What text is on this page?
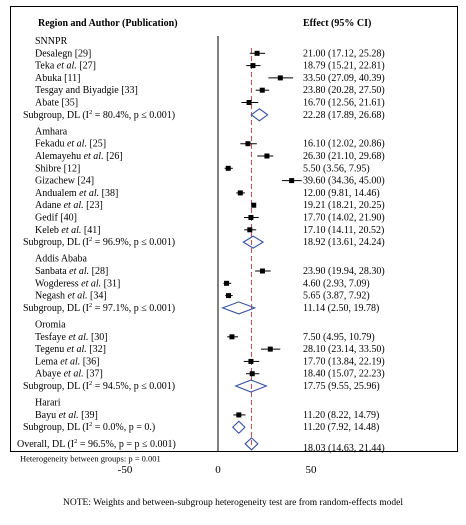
Region and Author (Publication)	Effect (95% CI)
SNNPR
Desalegn [29]	21.00 (17.12, 25.28)
Teka et al. [27]	18.79 (15.21, 22.81)
Abuka [11]	33.50 (27.09, 40.39)
Tesgay and Biyadgie [33]	23.80 (20.28, 27.50)
Abate [35]	16.70 (12.56, 21.61)
Subgroup, DL ($I^2 = 80.4\%$, p ≤ 0.001)	22.28 (17.89, 26.68)
Amhara
Fekadu et al. [25]	16.10 (12.02, 20.86)
Alemayehu et al. [26]	26.30 (21.10, 29.68)
Shibre [12]	5.50 (3.56, 7.95)
Gizachew [24]	39.60 (34.36, 45.00)
Andualem et al. [38]	12.00 (9.81, 14.46)
Adane et al. [23]	19.21 (18.21, 20.25)
Gedif [40]	17.70 (14.02, 21.90)
Keleb et al. [41]	17.10 (14.11, 20.52)
Subgroup, DL ($I^2 = 96.9\%$, p ≤ 0.001)	18.92 (13.61, 24.24)
Addis Ababa
Sanbata et al. [28]	23.90 (19.94, 28.30)
Wogderess et al. [31]	4.60 (2.93, 7.09)
Negash et al. [34]	5.65 (3.87, 7.92)
Subgroup, DL ($I^2 = 97.1\%$, p ≤ 0.001)	11.14 (2.50, 19.78)
Oromia
Tesfaye et al. [30]	7.50 (4.95, 10.79)
Tegenu et al. [32]	28.10 (23.14, 33.50)
Lema et al. [36]	17.70 (13.84, 22.19)
Abaye et al. [37]	18.40 (15.07, 22.23)
Subgroup, DL ($I^2 = 94.5\%$, p ≤ 0.001)	17.75 (9.55, 25.96)
Harari
Bayu et al. [39]	11.20 (8.22, 14.79)
Subgroup, DL ($I^2 = 0.0\%$, p = 0.)	11.20 (7.92, 14.48)
Overall, DL ($I^2 = 96.5\%$, p = p ≤ 0.001)	18.03 (14.63, 21.44)
Heterogeneity between groups: p = 0.001
-50	0	50
NOTE: Weights and between-subgroup heterogeneity test are from random-effects model
